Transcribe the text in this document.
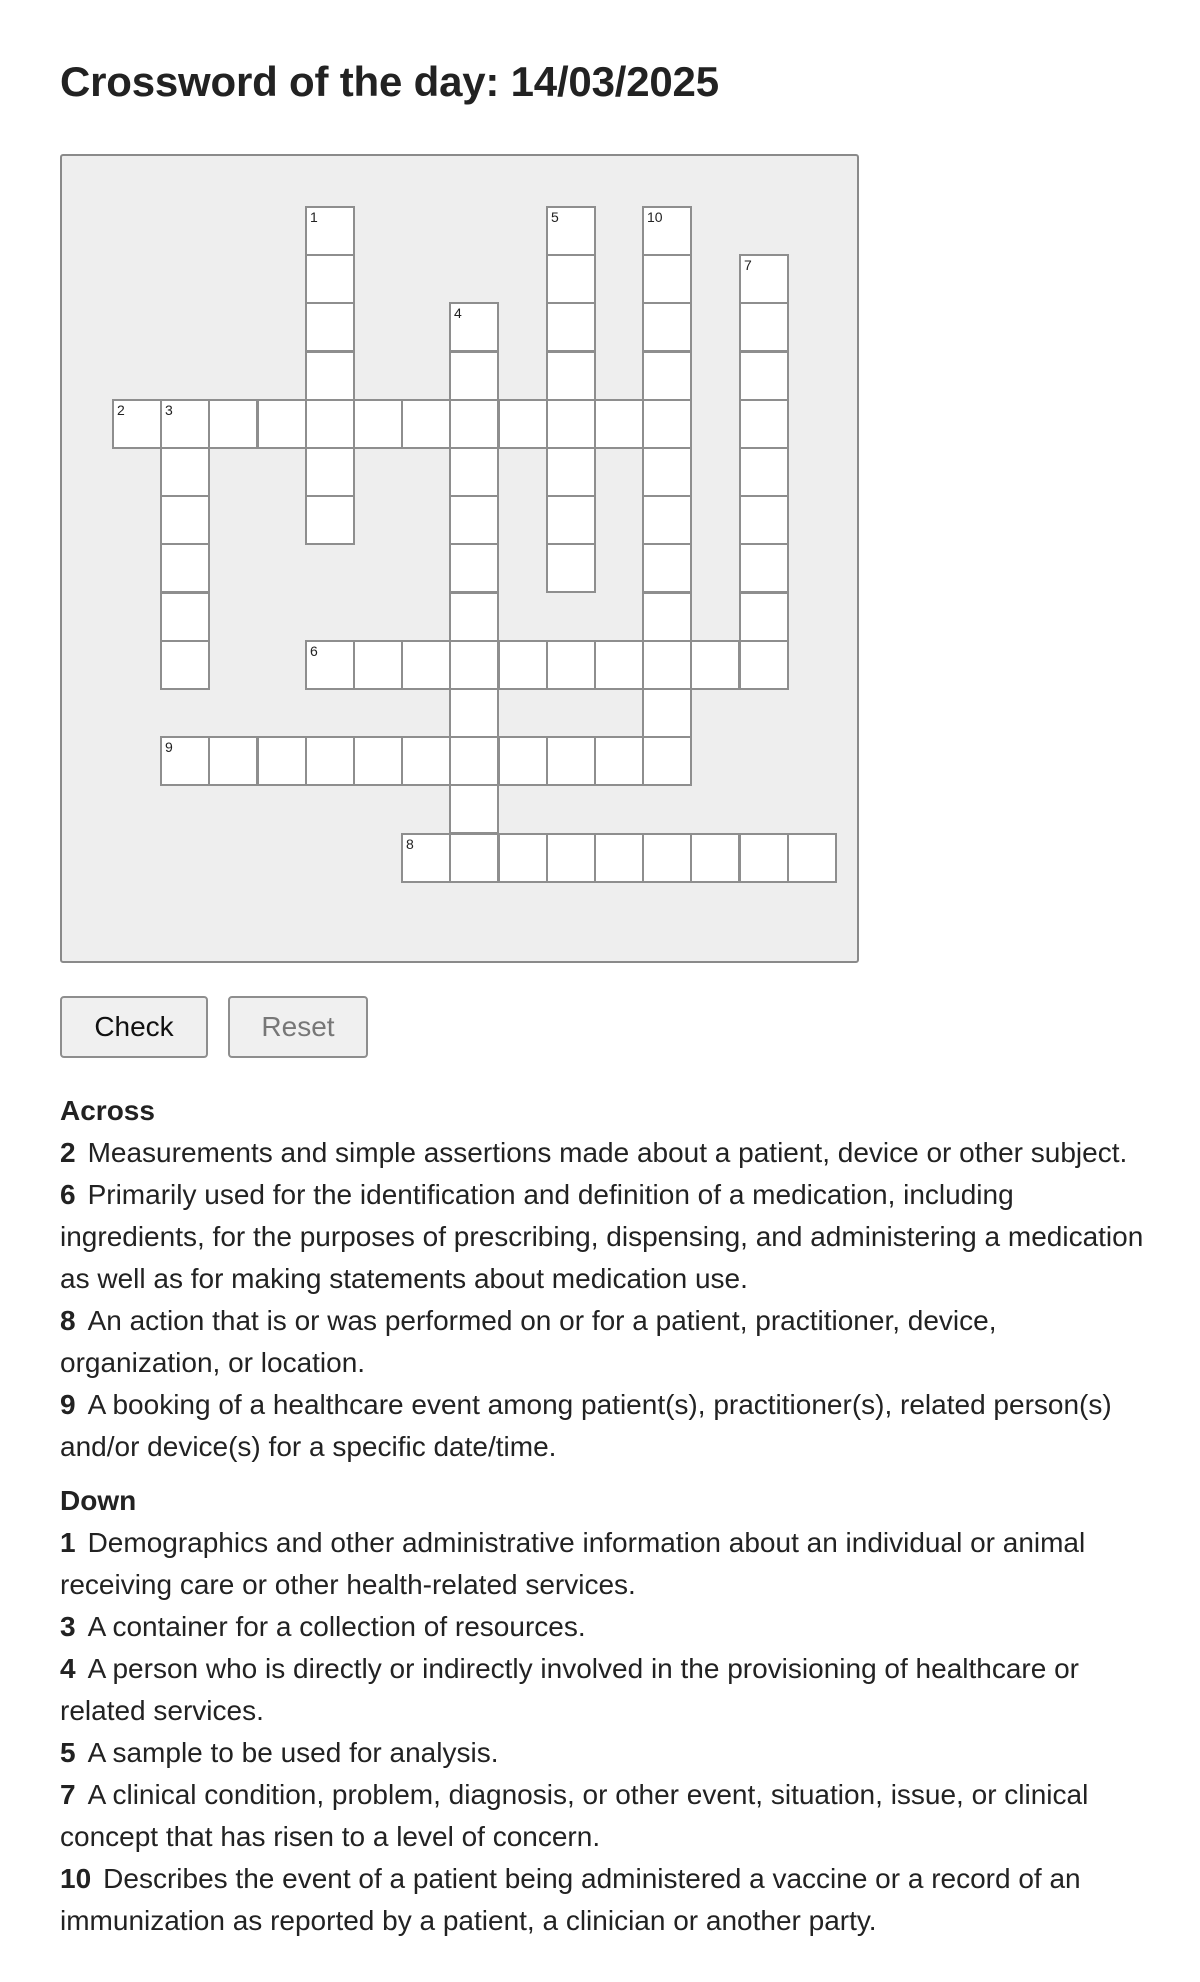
Crossword of the day: 14/03/2025
1
2	3
4
5
6
7
8
9
10
Check	Reset
Across
2 Measurements and simple assertions made about a patient, device or other subject.
6 Primarily used for the identification and definition of a medication, including ingredients, for the purposes of prescribing, dispensing, and administering a medication as well as for making statements about medication use.
8 An action that is or was performed on or for a patient, practitioner, device, organization, or location.
9 A booking of a healthcare event among patient(s), practitioner(s), related person(s) and/or device(s) for a specific date/time.
Down
1 Demographics and other administrative information about an individual or animal receiving care or other health-related services.
3 A container for a collection of resources.
4 A person who is directly or indirectly involved in the provisioning of healthcare or related services.
5 A sample to be used for analysis.
7 A clinical condition, problem, diagnosis, or other event, situation, issue, or clinical concept that has risen to a level of concern.
10 Describes the event of a patient being administered a vaccine or a record of an immunization as reported by a patient, a clinician or another party.
